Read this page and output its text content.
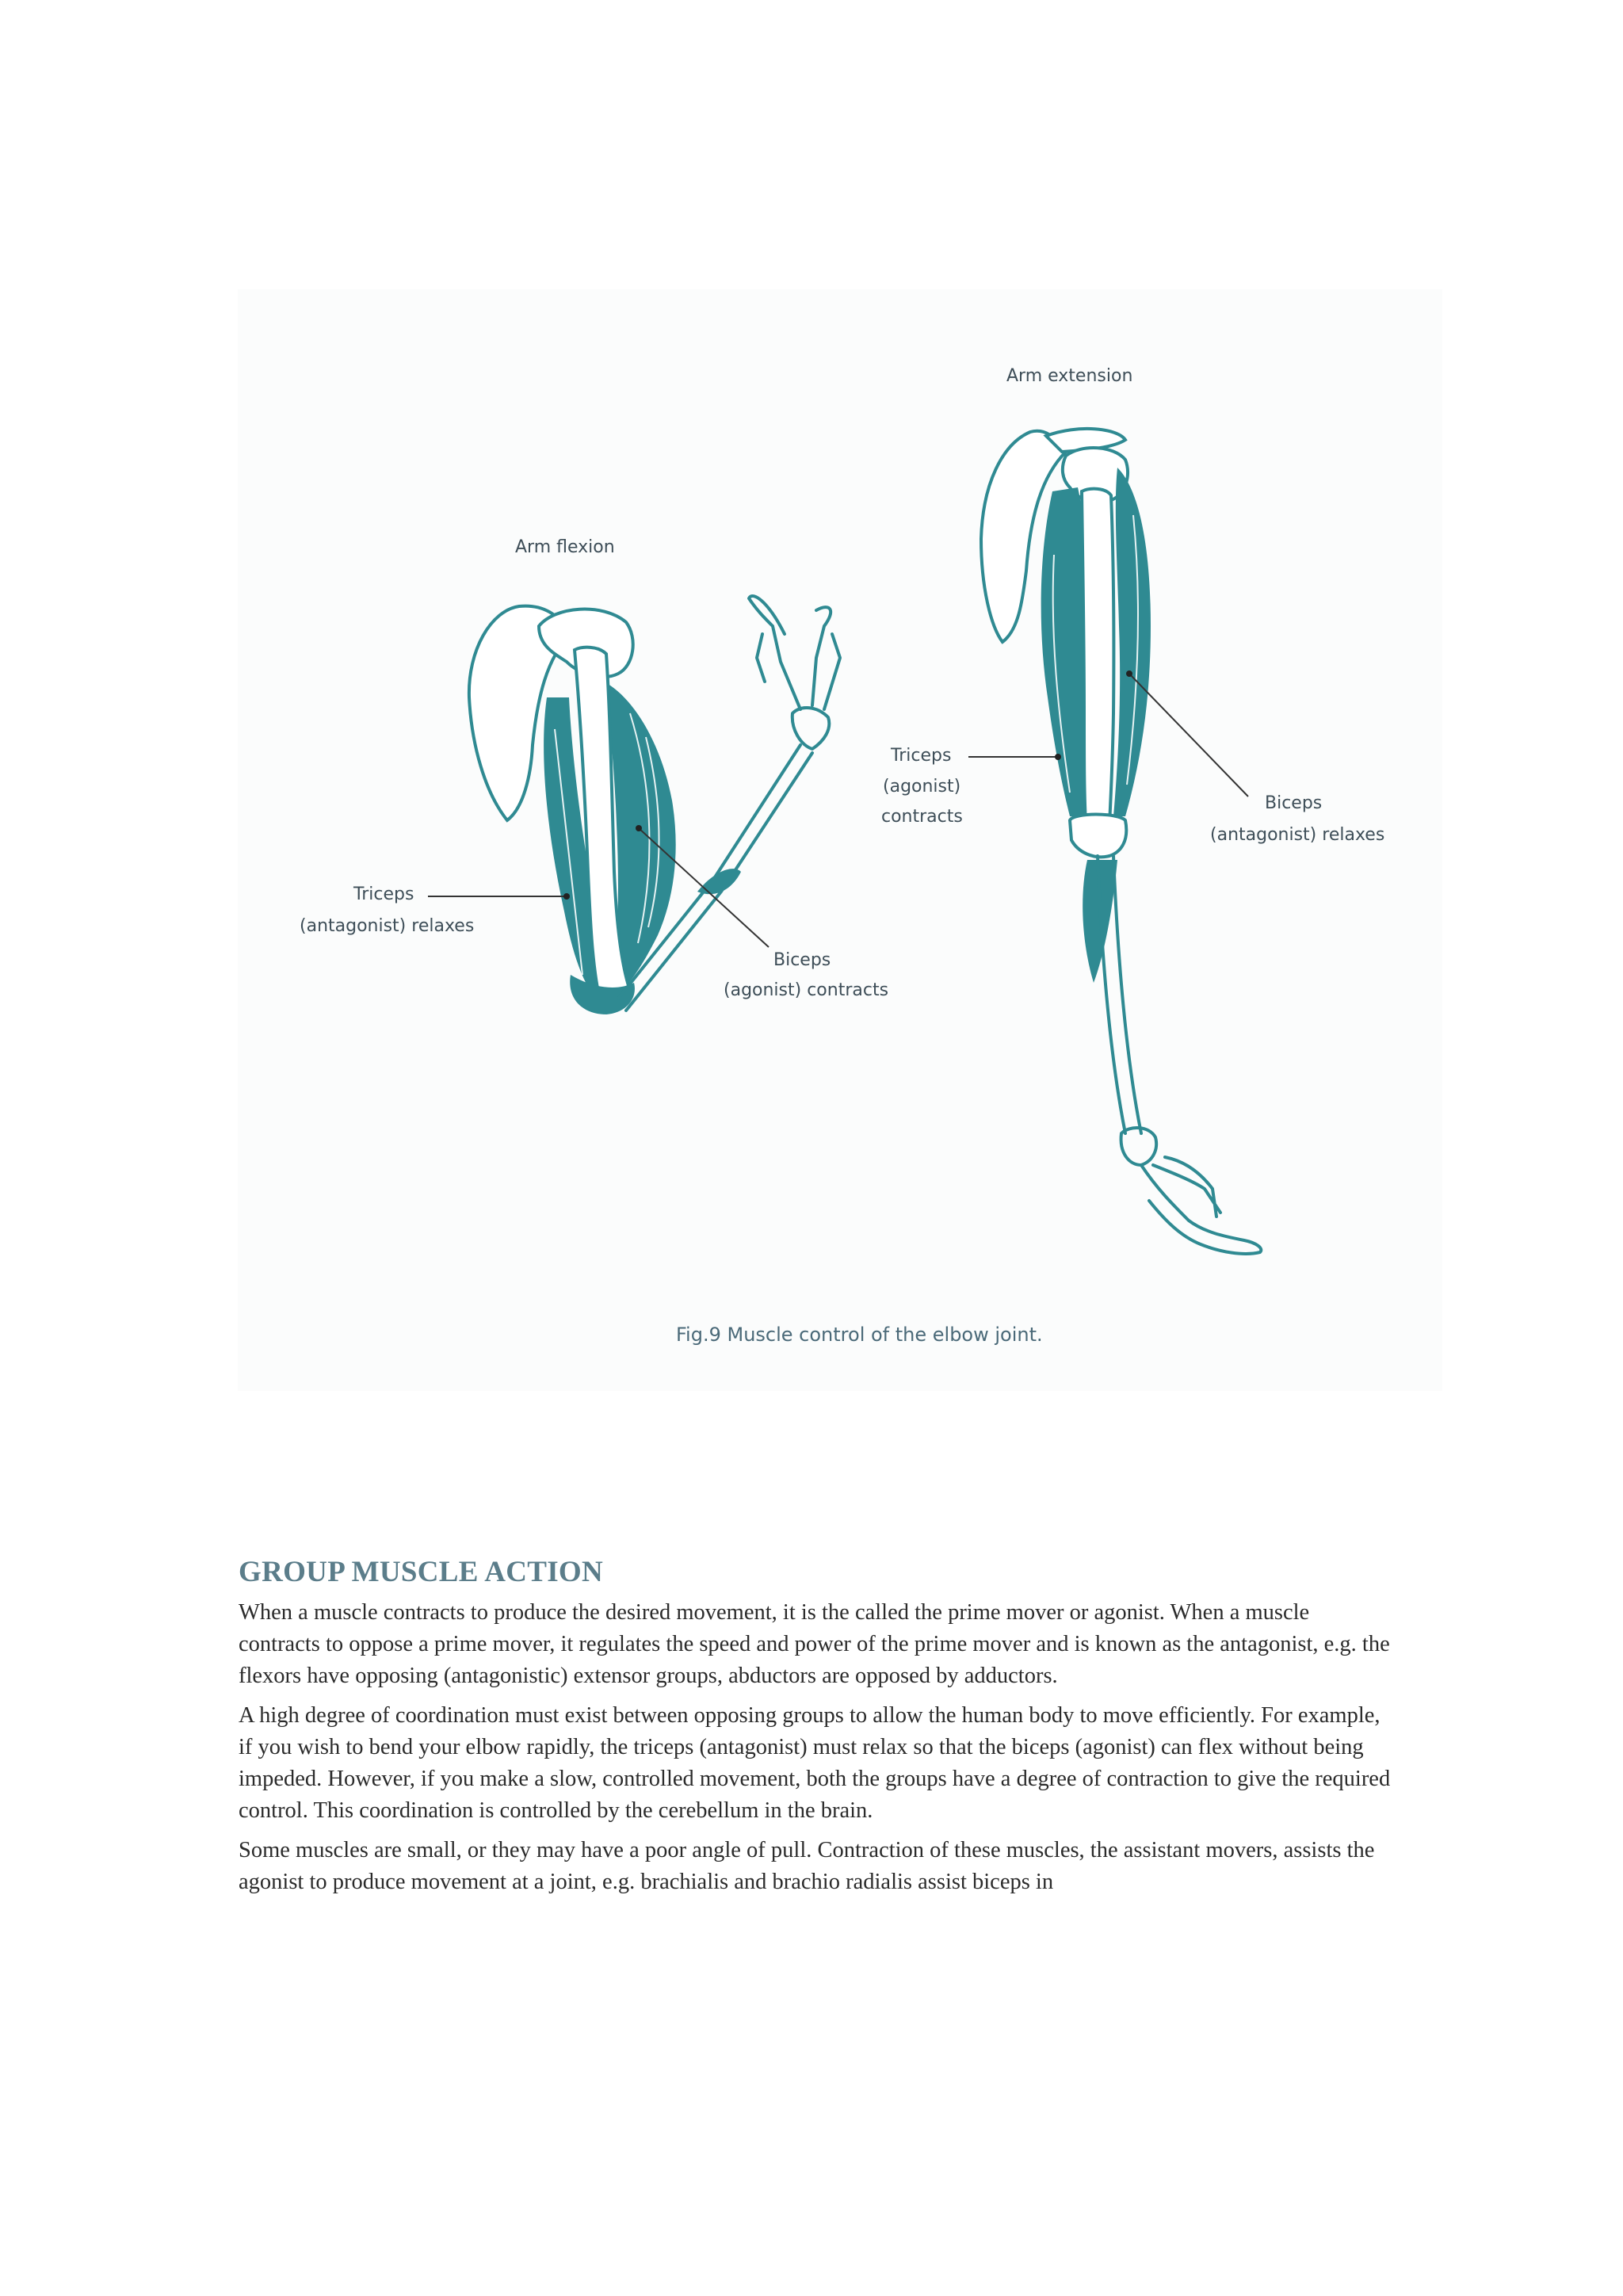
Arm flexion
Triceps
(antagonist) relaxes
Biceps
(agonist) contracts
Arm extension
Triceps
(agonist)
contracts
Biceps
(antagonist) relaxes
Fig.9 Muscle control of the elbow joint.
GROUP MUSCLE ACTION

When a muscle contracts to produce the desired movement, it is the called the prime mover or agonist. When a muscle contracts to oppose a prime mover, it regulates the speed and power of the prime mover and is known as the antagonist, e.g. the flexors have opposing (antagonistic) extensor groups, abductors are opposed by adductors.

A high degree of coordination must exist between opposing groups to allow the human body to move efficiently. For example, if you wish to bend your elbow rapidly, the triceps (antagonist) must relax so that the biceps (agonist) can flex without being impeded. However, if you make a slow, controlled movement, both the groups have a degree of contraction to give the required control. This coordination is controlled by the cerebellum in the brain.

Some muscles are small, or they may have a poor angle of pull. Contraction of these muscles, the assistant movers, assists the agonist to produce movement at a joint, e.g. brachialis and brachio radialis assist biceps in
